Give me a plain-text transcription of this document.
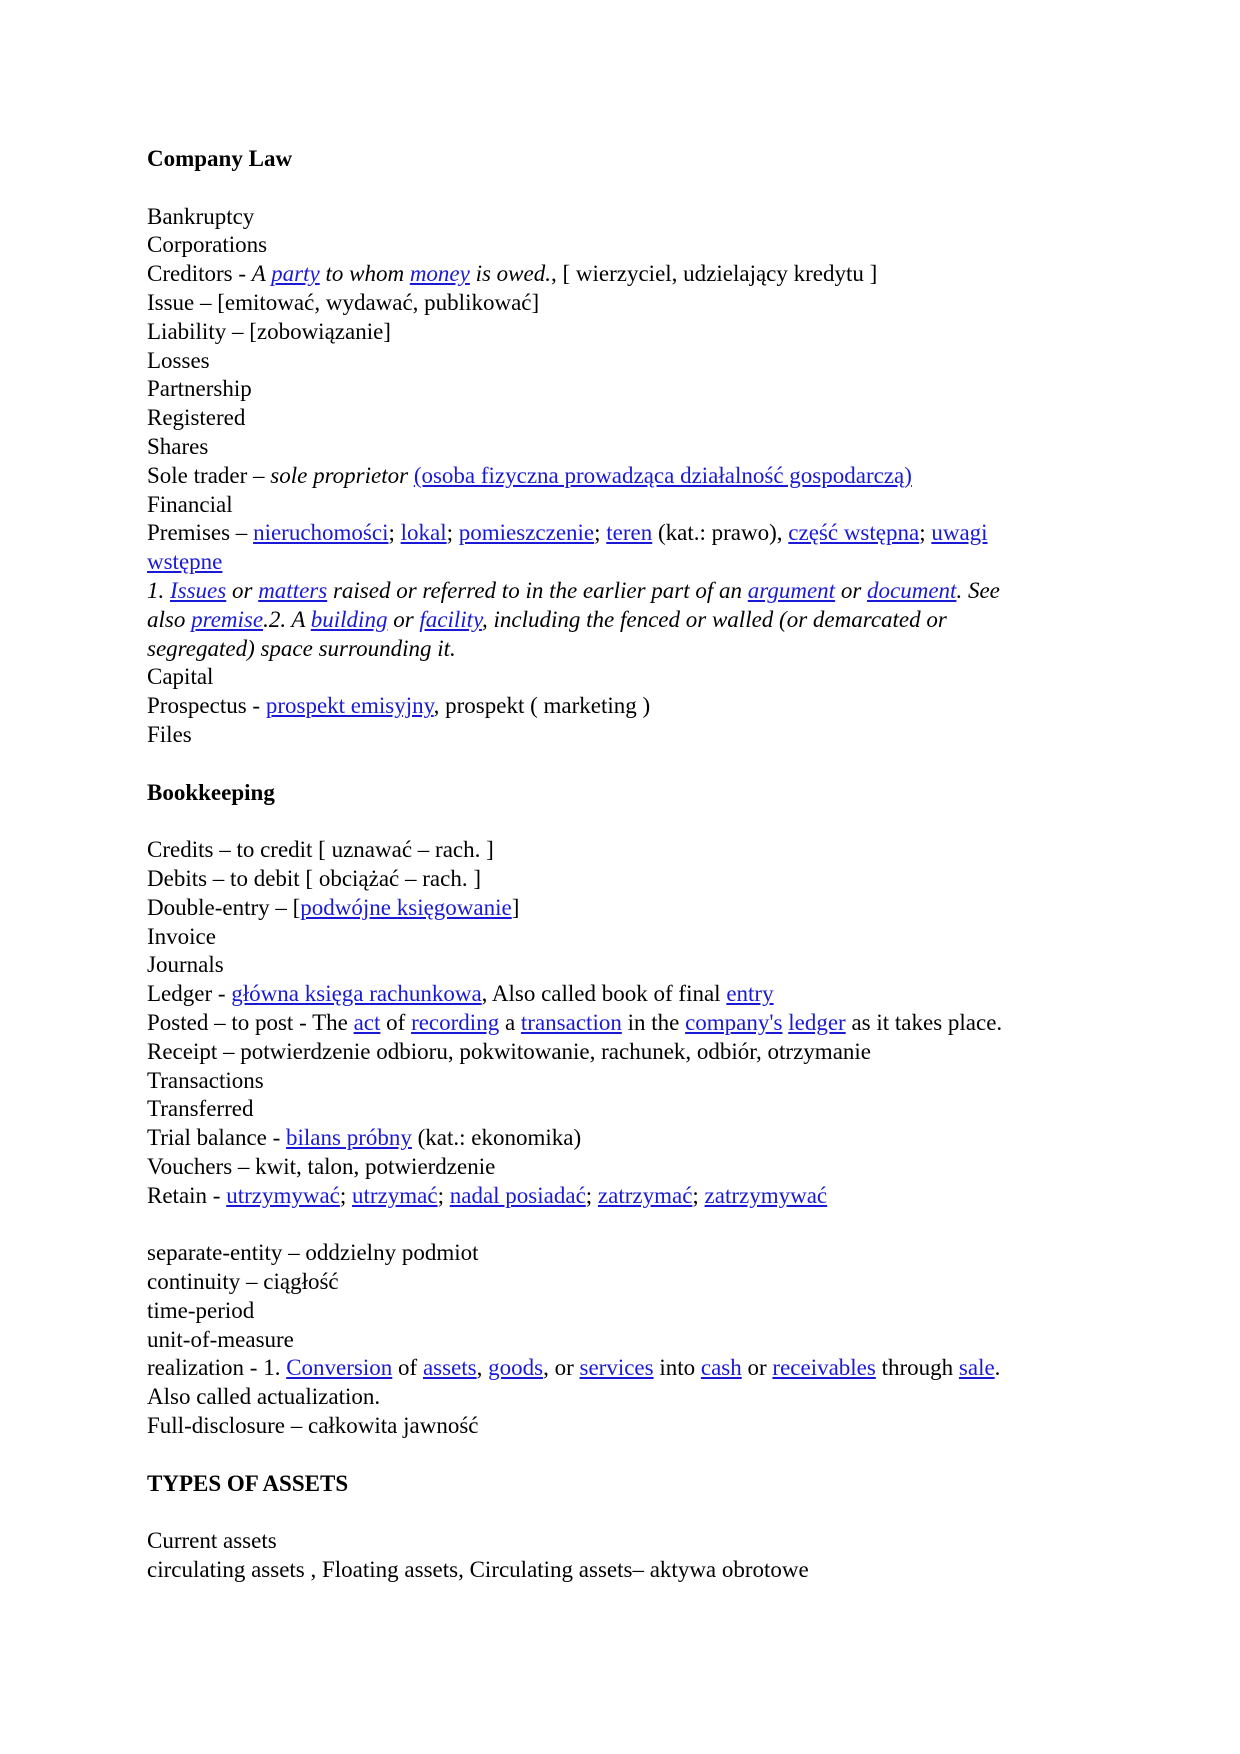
Company Law
Bankruptcy
Corporations
Creditors - A party to whom money is owed., [ wierzyciel, udzielający kredytu ]
Issue – [emitować, wydawać, publikować]
Liability – [zobowiązanie]
Losses
Partnership
Registered
Shares
Sole trader – sole proprietor (osoba fizyczna prowadząca działalność gospodarczą)
Financial
Premises – nieruchomości; lokal; pomieszczenie; teren (kat.: prawo), część wstępna; uwagi
wstępne
1. Issues or matters raised or referred to in the earlier part of an argument or document. See
also premise.2. A building or facility, including the fenced or walled (or demarcated or
segregated) space surrounding it.
Capital
Prospectus - prospekt emisyjny, prospekt ( marketing )
Files
Bookkeeping
Credits – to credit [ uznawać – rach. ]
Debits – to debit [ obciążać – rach. ]
Double-entry – [podwójne księgowanie]
Invoice
Journals
Ledger - główna księga rachunkowa, Also called book of final entry
Posted – to post - The act of recording a transaction in the company's ledger as it takes place.
Receipt – potwierdzenie odbioru, pokwitowanie, rachunek, odbiór, otrzymanie
Transactions
Transferred
Trial balance - bilans próbny (kat.: ekonomika)
Vouchers – kwit, talon, potwierdzenie
Retain - utrzymywać; utrzymać; nadal posiadać; zatrzymać; zatrzymywać
separate-entity – oddzielny podmiot
continuity – ciągłość
time-period
unit-of-measure
realization - 1. Conversion of assets, goods, or services into cash or receivables through sale.
Also called actualization.
Full-disclosure – całkowita jawność
TYPES OF ASSETS
Current assets
circulating assets , Floating assets, Circulating assets– aktywa obrotowe
